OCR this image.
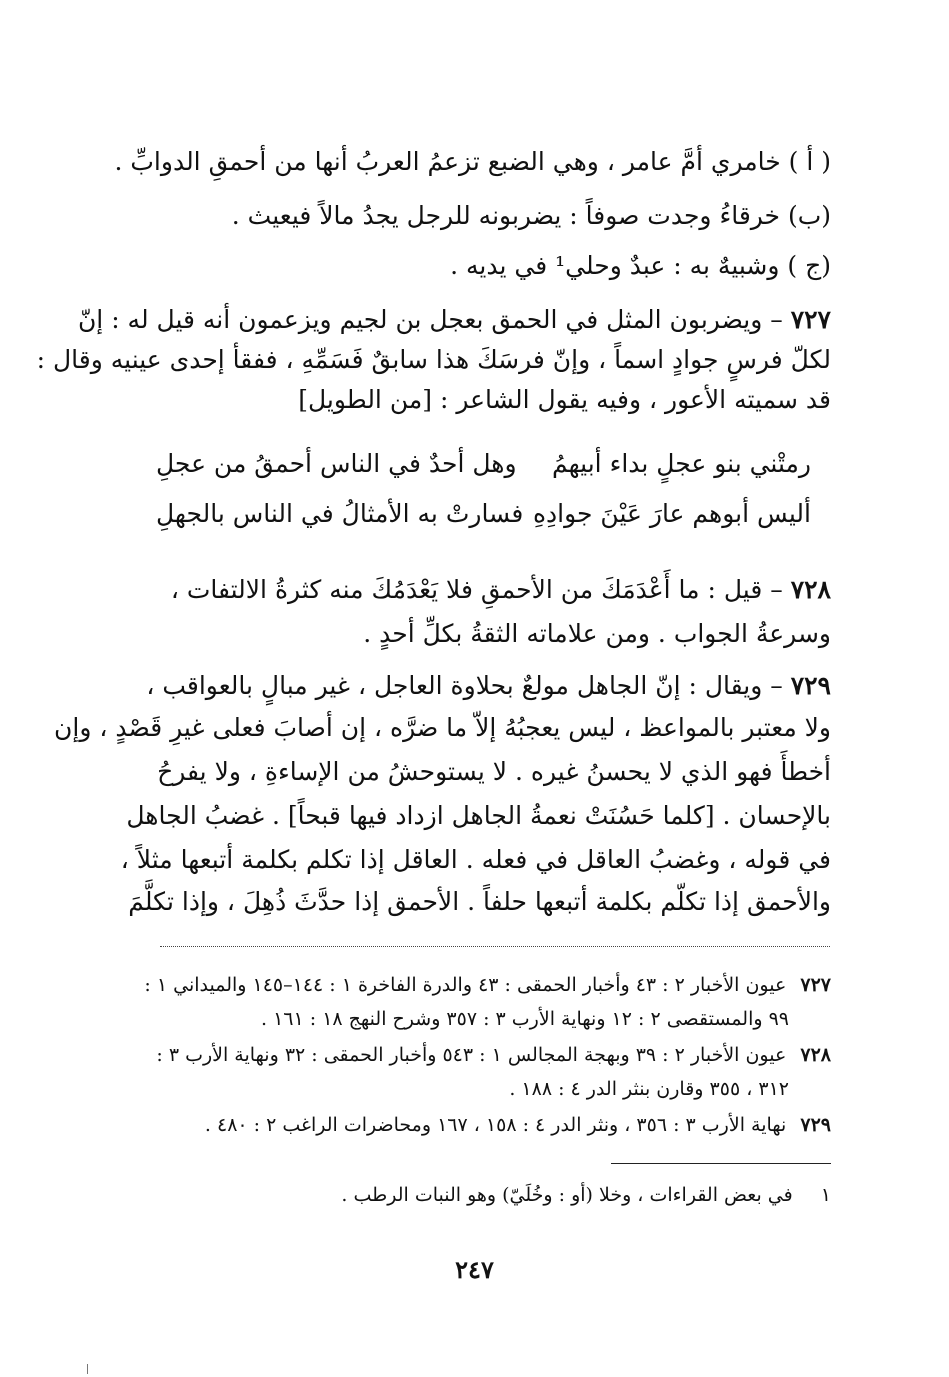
( أ ) خامري أمَّ عامر ، وهي الضبع تزعمُ العربُ أنها من أحمقِ الدوابِّ .
(ب) خرقاءُ وجدت صوفاً : يضربونه للرجل يجدُ مالاً فيعيث .
(ج ) وشبيهٌ به : عبدٌ وحلي¹ في يديه .
٧٢٧ – ويضربون المثل في الحمق بعجل بن لجيم ويزعمون أنه قيل له : إنّ
لكلّ فرسٍ جوادٍ اسماً ، وإنّ فرسَكَ هذا سابقٌ فَسَمِّهِ ، ففقأ إحدى عينيه وقال :
قد سميته الأعور ، وفيه يقول الشاعر : [من الطويل]
رمتْني بنو عجلٍ بداء أبيهمُ
وهل أحدٌ في الناس أحمقُ من عجلِ
أليس أبوهم عارَ عَيْنَ جوادِهِ
فسارتْ به الأمثالُ في الناس بالجهلِ
٧٢٨ – قيل : ما أَعْدَمَكَ من الأحمقِ فلا يَعْدَمُكَ منه كثرةُ الالتفات ،
وسرعةُ الجواب . ومن علاماته الثقةُ بكلِّ أحدٍ .
٧٢٩ – ويقال : إنّ الجاهل مولعٌ بحلاوة العاجل ، غير مبالٍ بالعواقب ،
ولا معتبر بالمواعظ ، ليس يعجبُهُ إلاّ ما ضرَّه ، إن أصابَ فعلى غيرِ قَصْدٍ ، وإن
أخطأَ فهو الذي لا يحسنُ غيره . لا يستوحشُ من الإساءةِ ، ولا يفرحُ
بالإحسان . [كلما حَسُنَتْ نعمةُ الجاهل ازداد فيها قبحاً] . غضبُ الجاهل
في قوله ، وغضبُ العاقل في فعله . العاقل إذا تكلم بكلمة أتبعها مثلاً ،
والأحمق إذا تكلّم بكلمة أتبعها حلفاً . الأحمق إذا حدَّثَ ذُهِلَ ، وإذا تكلَّمَ
٧٢٧ عيون الأخبار ٢ : ٤٣ وأخبار الحمقى : ٤٣ والدرة الفاخرة ١ : ١٤٤–١٤٥ والميداني ١ :
٩٩ والمستقصى ٢ : ١٢ ونهاية الأرب ٣ : ٣٥٧ وشرح النهج ١٨ : ١٦١ .
٧٢٨ عيون الأخبار ٢ : ٣٩ وبهجة المجالس ١ : ٥٤٣ وأخبار الحمقى : ٣٢ ونهاية الأرب ٣ :
٣١٢ ، ٣٥٥ وقارن بنثر الدر ٤ : ١٨٨ .
٧٢٩ نهاية الأرب ٣ : ٣٥٦ ، ونثر الدر ٤ : ١٥٨ ، ١٦٧ ومحاضرات الراغب ٢ : ٤٨٠ .
١ في بعض القراءات ، وخلا (أو : وخُلَيّ) وهو النبات الرطب .
٢٤٧
